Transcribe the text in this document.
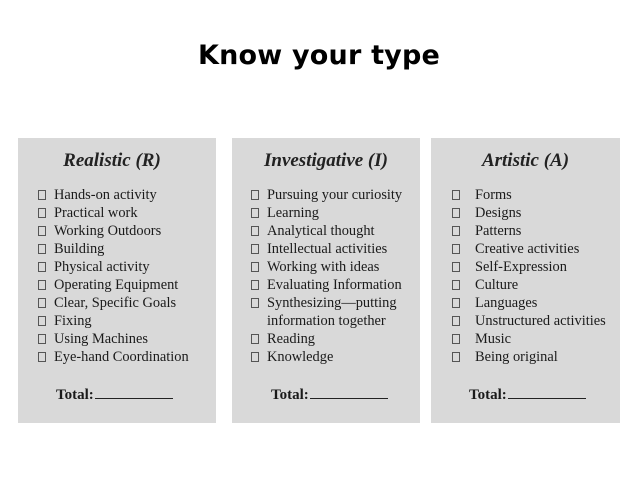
Know your type
Realistic (R)
Hands-on activity
Practical work
Working Outdoors
Building
Physical activity
Operating Equipment
Clear, Specific Goals
Fixing
Using Machines
Eye-hand Coordination
Total:
Investigative (I)
Pursuing your curiosity
Learning
Analytical thought
Intellectual activities
Working with ideas
Evaluating Information
Synthesizing—putting
information together
Reading
Knowledge
Total:
Artistic (A)
Forms
Designs
Patterns
Creative activities
Self-Expression
Culture
Languages
Unstructured activities
Music
Being original
Total:
